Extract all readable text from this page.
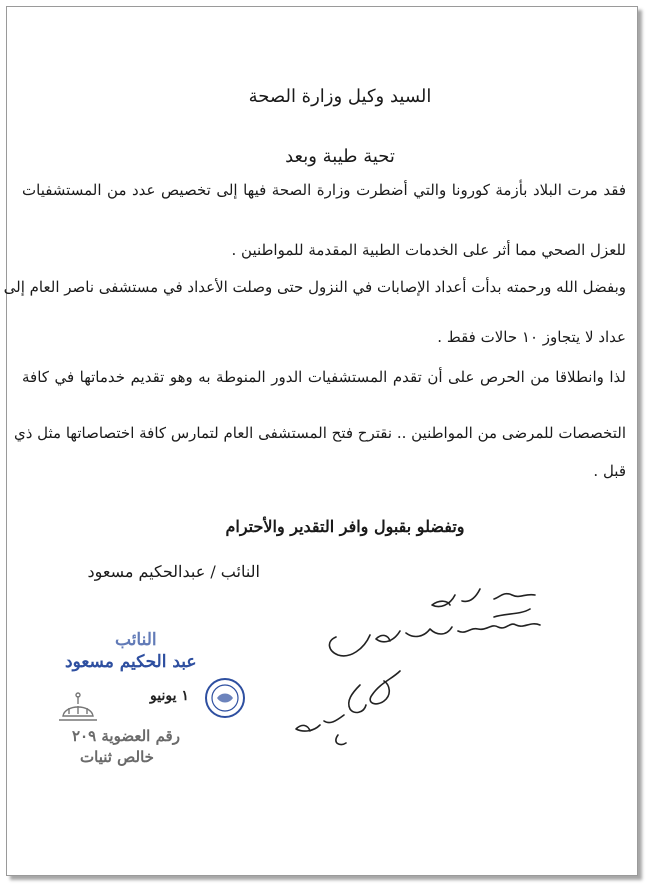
السيد وكيل وزارة الصحة
تحية طيبة وبعد
فقد مرت البلاد بأزمة كورونا والتي أضطرت وزارة الصحة فيها إلى تخصيص عدد من المستشفيات
للعزل الصحي مما أثر على الخدمات الطبية المقدمة للمواطنين .
وبفضل الله ورحمته بدأت أعداد الإصابات في النزول حتى وصلت الأعداد في مستشفى ناصر العام إلى
عداد لا يتجاوز ١٠ حالات فقط .
لذا وانطلاقا من الحرص على أن تقدم المستشفيات الدور المنوطة به وهو تقديم خدماتها في كافة
التخصصات للمرضى من المواطنين .. نقترح فتح المستشفى العام لتمارس كافة اختصاصاتها مثل ذي
قبل .
وتفضلو بقبول وافر التقدير والأحترام
النائب / عبدالحكيم مسعود
النائب
عبد الحكيم مسعود
١ يونيو
رقم العضوية ٢٠٩
خالص ثنيات
